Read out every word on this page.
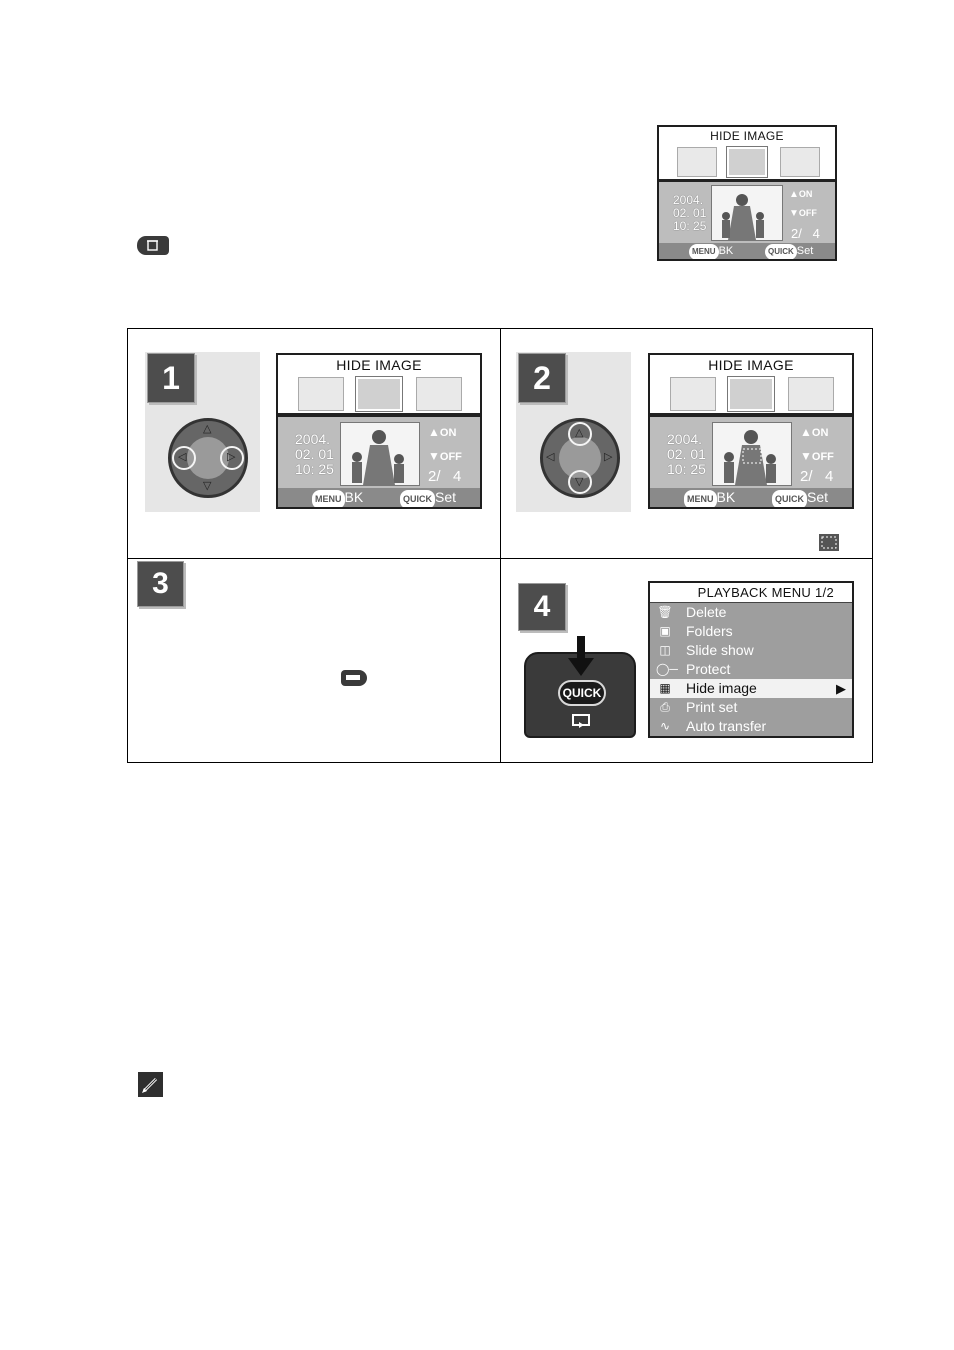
HIDE IMAGE
2004.
02. 01
10: 25
▲ON
▼OFF
2/   4
MENU BK	QUICK Set
1
△
▽
◁	▷
HIDE IMAGE
2004.
02. 01
10: 25
▲ON
▼OFF
2/   4
MENU BK	QUICK Set
2
△
▽
◁	▷
HIDE IMAGE
2004.
02. 01
10: 25
▲ON
▼OFF
2/   4
MENU BK	QUICK Set
3
4
QUICK
PLAYBACK MENU 1/2
🗑 Delete
▣ Folders
◫ Slide show
◯─ Protect
▦ Hide image	▶
⎙	Print set
∿ Auto transfer
